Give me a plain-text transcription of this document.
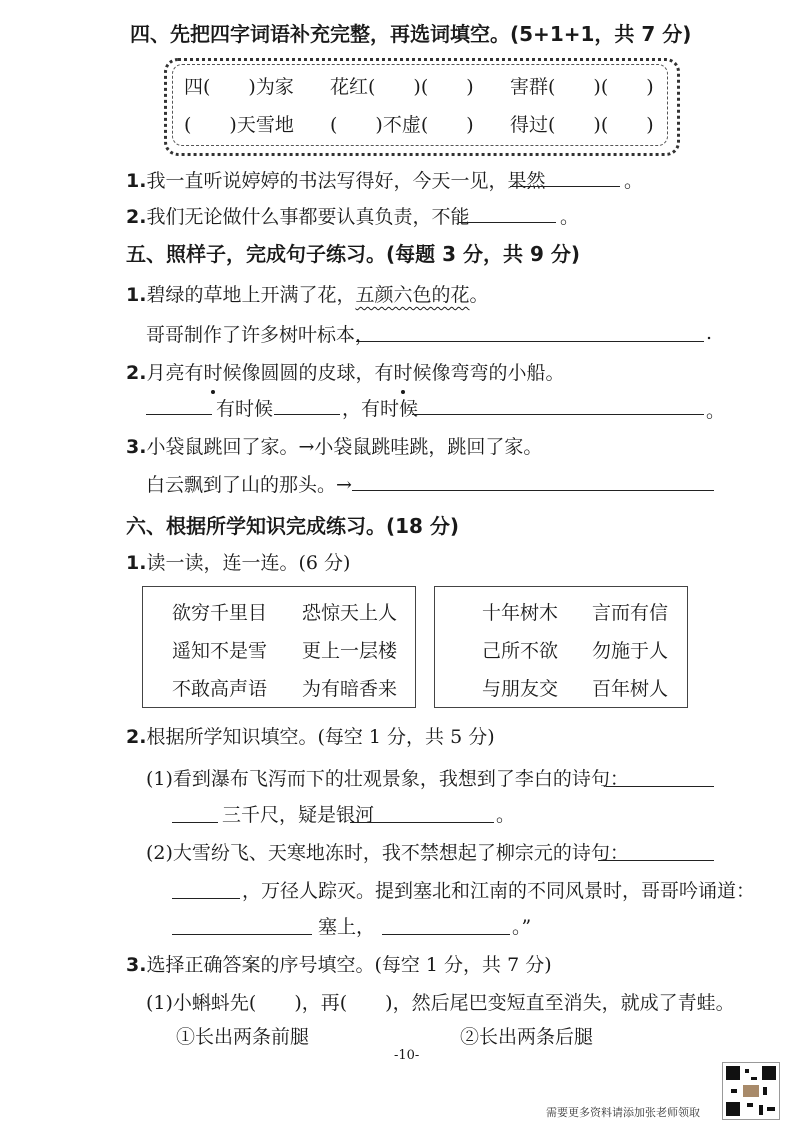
四、先把四字词语补充完整，再选词填空。(5+1+1，共 7 分)
四(　　)为家 花红(　　)(　　) 害群(　　)(　　)
(　　)天雪地 (　　)不虚(　　) 得过(　　)(　　)
1.我一直听说婷婷的书法写得好，今天一见，果然	。
2.我们无论做什么事都要认真负责，不能	。
五、照样子，完成句子练习。(每题 3 分，共 9 分)
1.碧绿的草地上开满了花，五颜六色的花。
哥哥制作了许多树叶标本，	.
2.月亮有时候像圆圆的皮球，有时候像弯弯的小船。
有时候	，有时候	。
3.小袋鼠跳回了家。→小袋鼠跳哇跳，跳回了家。
白云飘到了山的那头。→
六、根据所学知识完成练习。(18 分)
1.读一读，连一连。(6 分)
欲穷千里目 恐惊天上人
遥知不是雪 更上一层楼
不敢高声语 为有暗香来
十年树木 言而有信
己所不欲 勿施于人
与朋友交 百年树人
2.根据所学知识填空。(每空 1 分，共 5 分)
(1)看到瀑布飞泻而下的壮观景象，我想到了李白的诗句：
三千尺，疑是银河	。
(2)大雪纷飞、天寒地冻时，我不禁想起了柳宗元的诗句：
，万径人踪灭。提到塞北和江南的不同风景时，哥哥吟诵道：
塞上，	。”
3.选择正确答案的序号填空。(每空 1 分，共 7 分)
(1)小蝌蚪先(　　)，再(　　)，然后尾巴变短直至消失，就成了青蛙。
①长出两条前腿	②长出两条后腿
-10-
需要更多资料请添加张老师领取
